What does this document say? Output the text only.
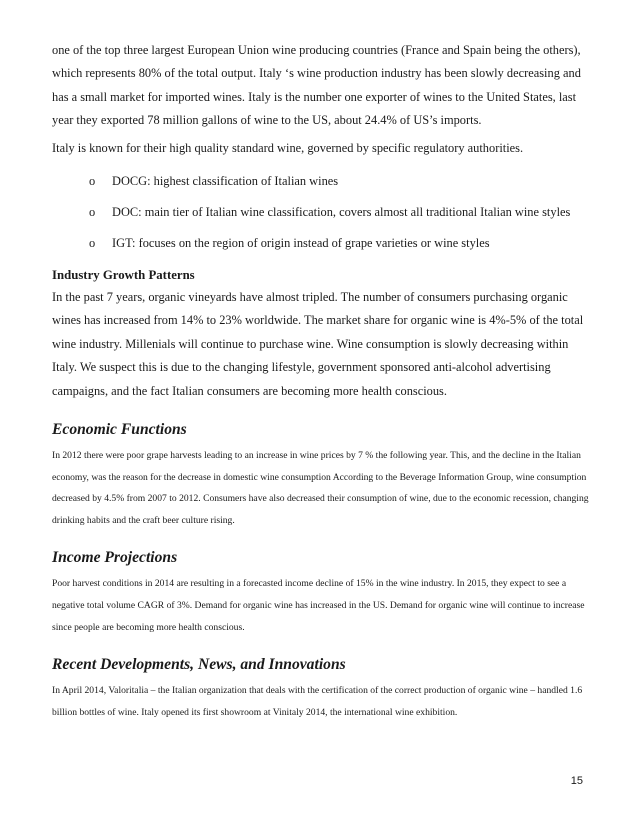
one of the top three largest European Union wine producing countries (France and Spain being the others), which represents 80% of the total output. Italy ‘s wine production industry has been slowly decreasing and has a small market for imported wines. Italy is the number one exporter of wines to the United States, last year they exported 78 million gallons of wine to the US, about 24.4% of US’s imports.

Italy is known for their high quality standard wine, governed by specific regulatory authorities.

o DOCG: highest classification of Italian wines
o DOC: main tier of Italian wine classification, covers almost all traditional Italian wine styles
o IGT: focuses on the region of origin instead of grape varieties or wine styles
Industry Growth Patterns

In the past 7 years, organic vineyards have almost tripled. The number of consumers purchasing organic wines has increased from 14% to 23% worldwide. The market share for organic wine is 4%-5% of the total wine industry. Millenials will continue to purchase wine. Wine consumption is slowly decreasing within Italy. We suspect this is due to the changing lifestyle, government sponsored anti-alcohol advertising campaigns, and the fact Italian consumers are becoming more health conscious.

Economic Functions

In 2012 there were poor grape harvests leading to an increase in wine prices by 7 % the following year. This, and the decline in the Italian economy, was the reason for the decrease in domestic wine consumption According to the Beverage Information Group, wine consumption decreased by 4.5% from 2007 to 2012. Consumers have also decreased their consumption of wine, due to the economic recession, changing drinking habits and the craft beer culture rising.

Income Projections

Poor harvest conditions in 2014 are resulting in a forecasted income decline of 15% in the wine industry. In 2015, they expect to see a negative total volume CAGR of 3%. Demand for organic wine has increased in the US. Demand for organic wine will continue to increase since people are becoming more health conscious.

Recent Developments, News, and Innovations

In April 2014, Valoritalia – the Italian organization that deals with the certification of the correct production of organic wine – handled 1.6 billion bottles of wine. Italy opened its first showroom at Vinitaly 2014, the international wine exhibition.

15
